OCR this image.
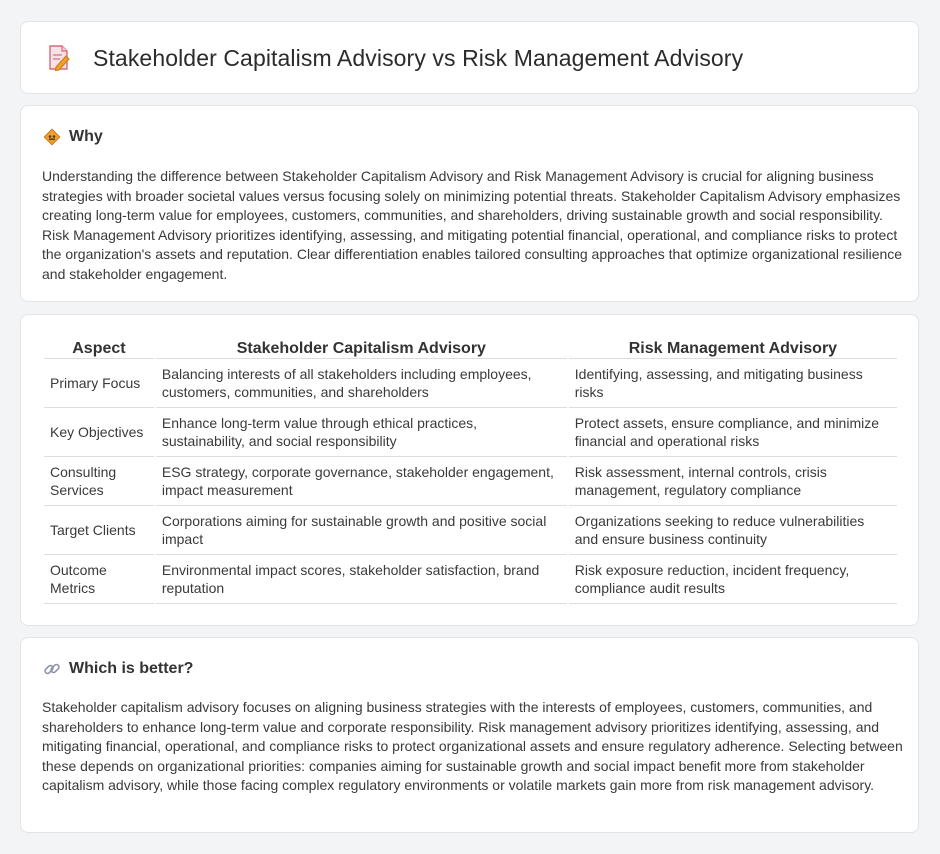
Stakeholder Capitalism Advisory vs Risk Management Advisory
Why

Understanding the difference between Stakeholder Capitalism Advisory and Risk Management Advisory is crucial for aligning business strategies with broader societal values versus focusing solely on minimizing potential threats. Stakeholder Capitalism Advisory emphasizes creating long-term value for employees, customers, communities, and shareholders, driving sustainable growth and social responsibility. Risk Management Advisory prioritizes identifying, assessing, and mitigating potential financial, operational, and compliance risks to protect the organization's assets and reputation. Clear differentiation enables tailored consulting approaches that optimize organizational resilience and stakeholder engagement.

Aspect	Stakeholder Capitalism Advisory	Risk Management Advisory
Primary Focus	Balancing interests of all stakeholders including employees, customers, communities, and shareholders	Identifying, assessing, and mitigating business risks
Key Objectives	Enhance long-term value through ethical practices, sustainability, and social responsibility	Protect assets, ensure compliance, and minimize financial and operational risks
Consulting Services	ESG strategy, corporate governance, stakeholder engagement, impact measurement	Risk assessment, internal controls, crisis management, regulatory compliance
Target Clients	Corporations aiming for sustainable growth and positive social impact	Organizations seeking to reduce vulnerabilities and ensure business continuity
Outcome Metrics	Environmental impact scores, stakeholder satisfaction, brand reputation	Risk exposure reduction, incident frequency, compliance audit results
Which is better?

Stakeholder capitalism advisory focuses on aligning business strategies with the interests of employees, customers, communities, and shareholders to enhance long-term value and corporate responsibility. Risk management advisory prioritizes identifying, assessing, and mitigating financial, operational, and compliance risks to protect organizational assets and ensure regulatory adherence. Selecting between these depends on organizational priorities: companies aiming for sustainable growth and social impact benefit more from stakeholder capitalism advisory, while those facing complex regulatory environments or volatile markets gain more from risk management advisory.
